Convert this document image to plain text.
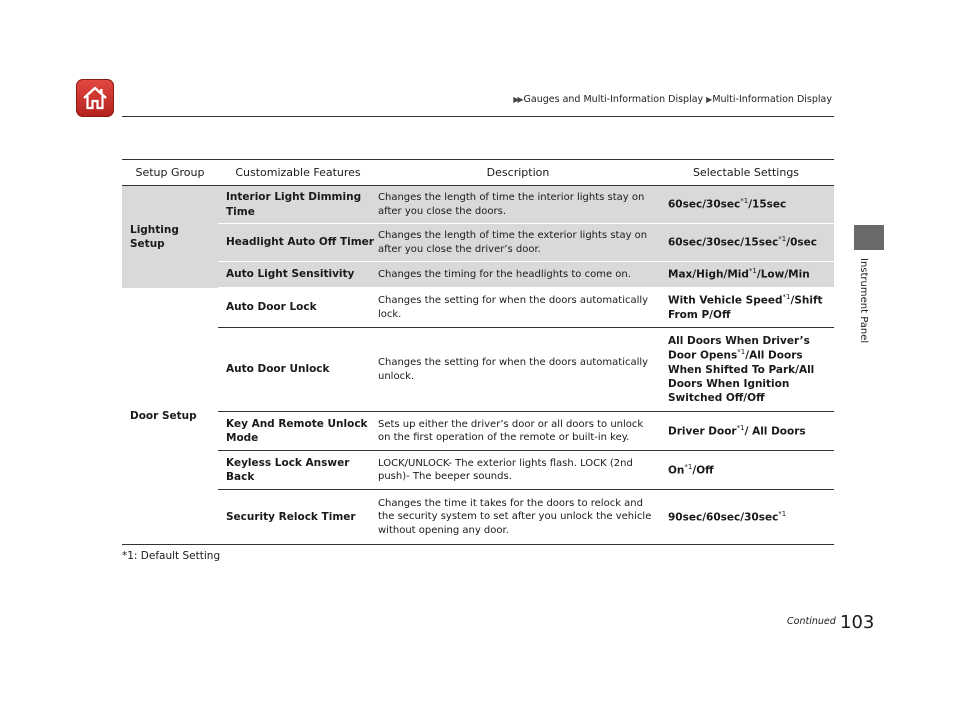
▶▶ Gauges and Multi-Information Display ▶ Multi-Information Display
Instrument Panel
Setup Group	Customizable Features	Description	Selectable Settings
Lighting Setup	Interior Light Dimming Time	Changes the length of time the interior lights stay on after you close the doors.	$60\sec/30\sec^{*1}/15\sec$
	Headlight Auto Off Timer	Changes the length of time the exterior lights stay on after you close the driver’s door.	$60\sec/30\sec/15\sec^{*1}/0\sec$
	Auto Light Sensitivity	Changes the timing for the headlights to come on.	Max/High/Mid$^{*1}$/Low/Min
Door Setup	Auto Door Lock	Changes the setting for when the doors automatically lock.	With Vehicle Speed$^{*1}$/Shift From P/Off
	Auto Door Unlock	Changes the setting for when the doors automatically unlock.	All Doors When Driver’s Door Opens$^{*1}$/All Doors When Shifted To Park/All Doors When Ignition Switched Off/Off
	Key And Remote Unlock Mode	Sets up either the driver’s door or all doors to unlock on the first operation of the remote or built-in key.	Driver Door$^{*1}$/ All Doors
	Keyless Lock Answer Back	LOCK/UNLOCK- The exterior lights flash. LOCK (2nd push)- The beeper sounds.	On$^{*1}$/Off
	Security Relock Timer	Changes the time it takes for the doors to relock and the security system to set after you unlock the vehicle without opening any door.	$90\sec/60\sec/30\sec^{*1}$
*1: Default Setting
Continued 103
